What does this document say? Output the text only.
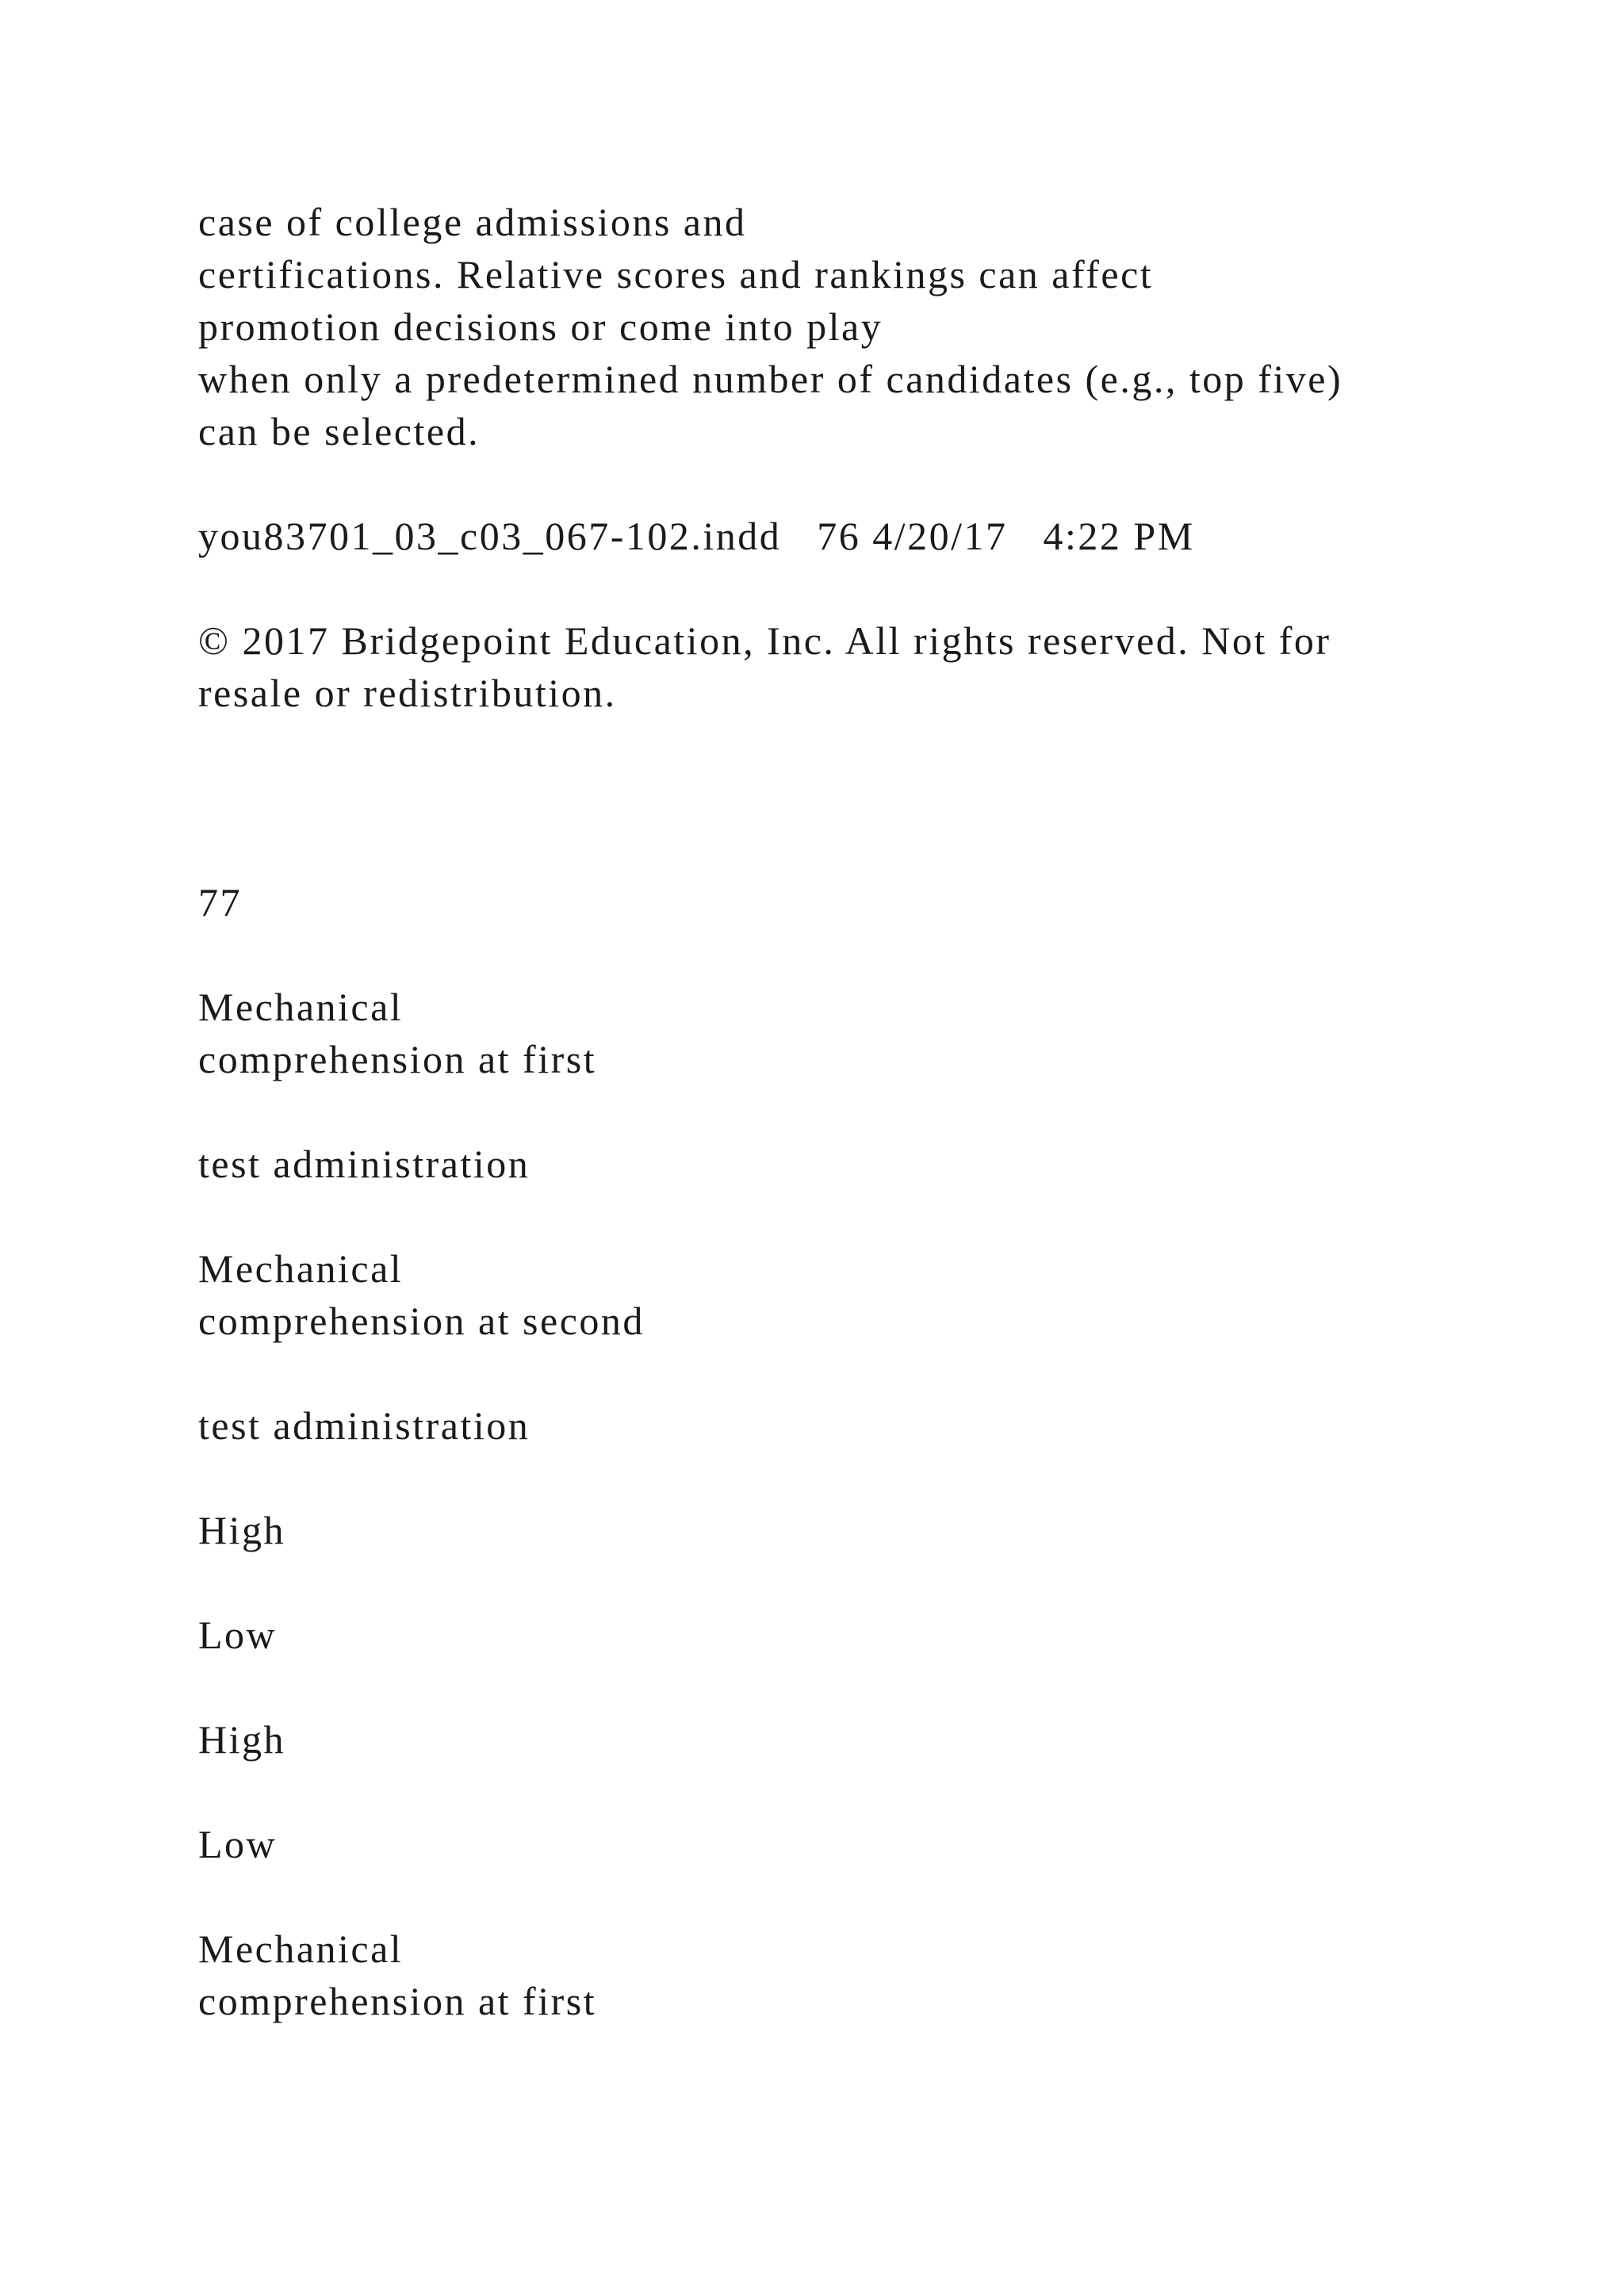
case of college admissions and
certifications. Relative scores and rankings can affect
promotion decisions or come into play
when only a predetermined number of candidates (e.g., top five)
can be selected.
you83701_03_c03_067-102.indd   76 4/20/17   4:22 PM
© 2017 Bridgepoint Education, Inc. All rights reserved. Not for
resale or redistribution.
77
Mechanical
comprehension at first
test administration
Mechanical
comprehension at second
test administration
High
Low
High
Low
Mechanical
comprehension at first
